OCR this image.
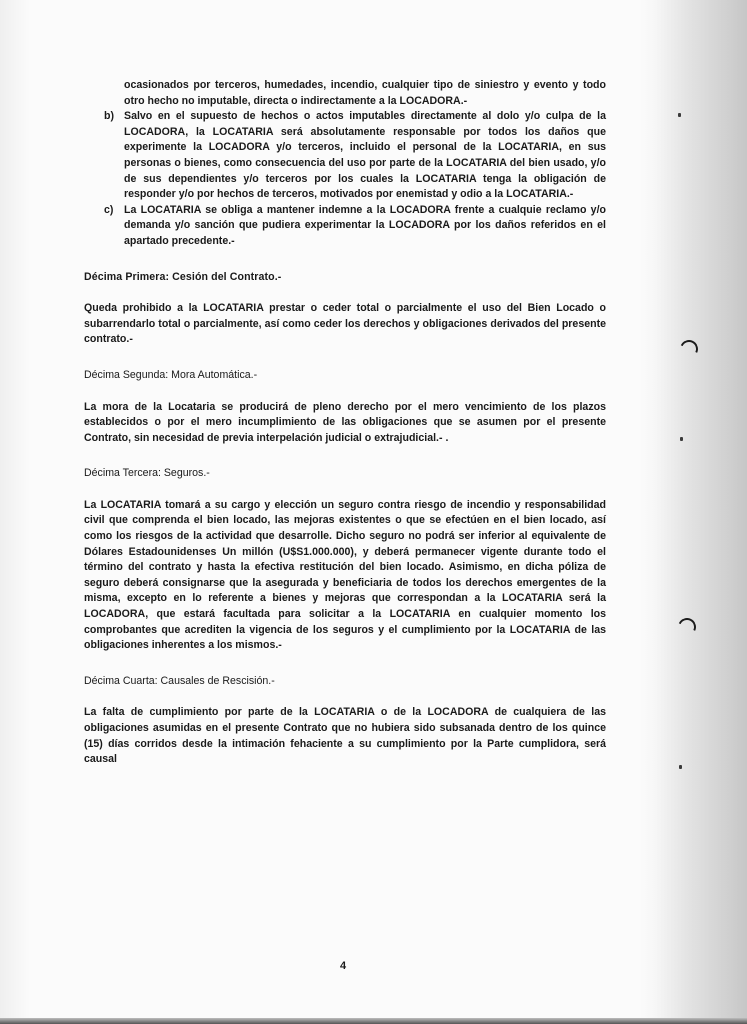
ocasionados por terceros, humedades, incendio, cualquier tipo de siniestro y evento y todo otro hecho no imputable, directa o indirectamente a la LOCADORA.-

b) Salvo en el supuesto de hechos o actos imputables directamente al dolo y/o culpa de la LOCADORA, la LOCATARIA será absolutamente responsable por todos los daños que experimente la LOCADORA y/o terceros, incluido el personal de la LOCATARIA, en sus personas o bienes, como consecuencia del uso por parte de la LOCATARIA del bien usado, y/o de sus dependientes y/o terceros por los cuales la LOCATARIA tenga la obligación de responder y/o por hechos de terceros, motivados por enemistad y odio a la LOCATARIA.-
c) La LOCATARIA se obliga a mantener indemne a la LOCADORA frente a cualquie reclamo y/o demanda y/o sanción que pudiera experimentar la LOCADORA por los daños referidos en el apartado precedente.-
Décima Primera: Cesión del Contrato.-

Queda prohibido a la LOCATARIA prestar o ceder total o parcialmente el uso del Bien Locado o subarrendarlo total o parcialmente, así como ceder los derechos y obligaciones derivados del presente contrato.-

Décima Segunda: Mora Automática.-

La mora de la Locataria se producirá de pleno derecho por el mero vencimiento de los plazos establecidos o por el mero incumplimiento de las obligaciones que se asumen por el presente Contrato, sin necesidad de previa interpelación judicial o extrajudicial.- .

Décima Tercera: Seguros.-

La LOCATARIA tomará a su cargo y elección un seguro contra riesgo de incendio y responsabilidad civil que comprenda el bien locado, las mejoras existentes o que se efectúen en el bien locado, así como los riesgos de la actividad que desarrolle. Dicho seguro no podrá ser inferior al equivalente de Dólares Estadounidenses Un millón (U$S1.000.000), y deberá permanecer vigente durante todo el término del contrato y hasta la efectiva restitución del bien locado. Asimismo, en dicha póliza de seguro deberá consignarse que la asegurada y beneficiaria de todos los derechos emergentes de la misma, excepto en lo referente a bienes y mejoras que correspondan a la LOCATARIA será la LOCADORA, que estará facultada para solicitar a la LOCATARIA en cualquier momento los comprobantes que acrediten la vigencia de los seguros y el cumplimiento por la LOCATARIA de las obligaciones inherentes a los mismos.-

Décima Cuarta: Causales de Rescisión.-

La falta de cumplimiento por parte de la LOCATARIA o de la LOCADORA de cualquiera de las obligaciones asumidas en el presente Contrato que no hubiera sido subsanada dentro de los quince (15) días corridos desde la intimación fehaciente a su cumplimiento por la Parte cumplidora, será causal

4
